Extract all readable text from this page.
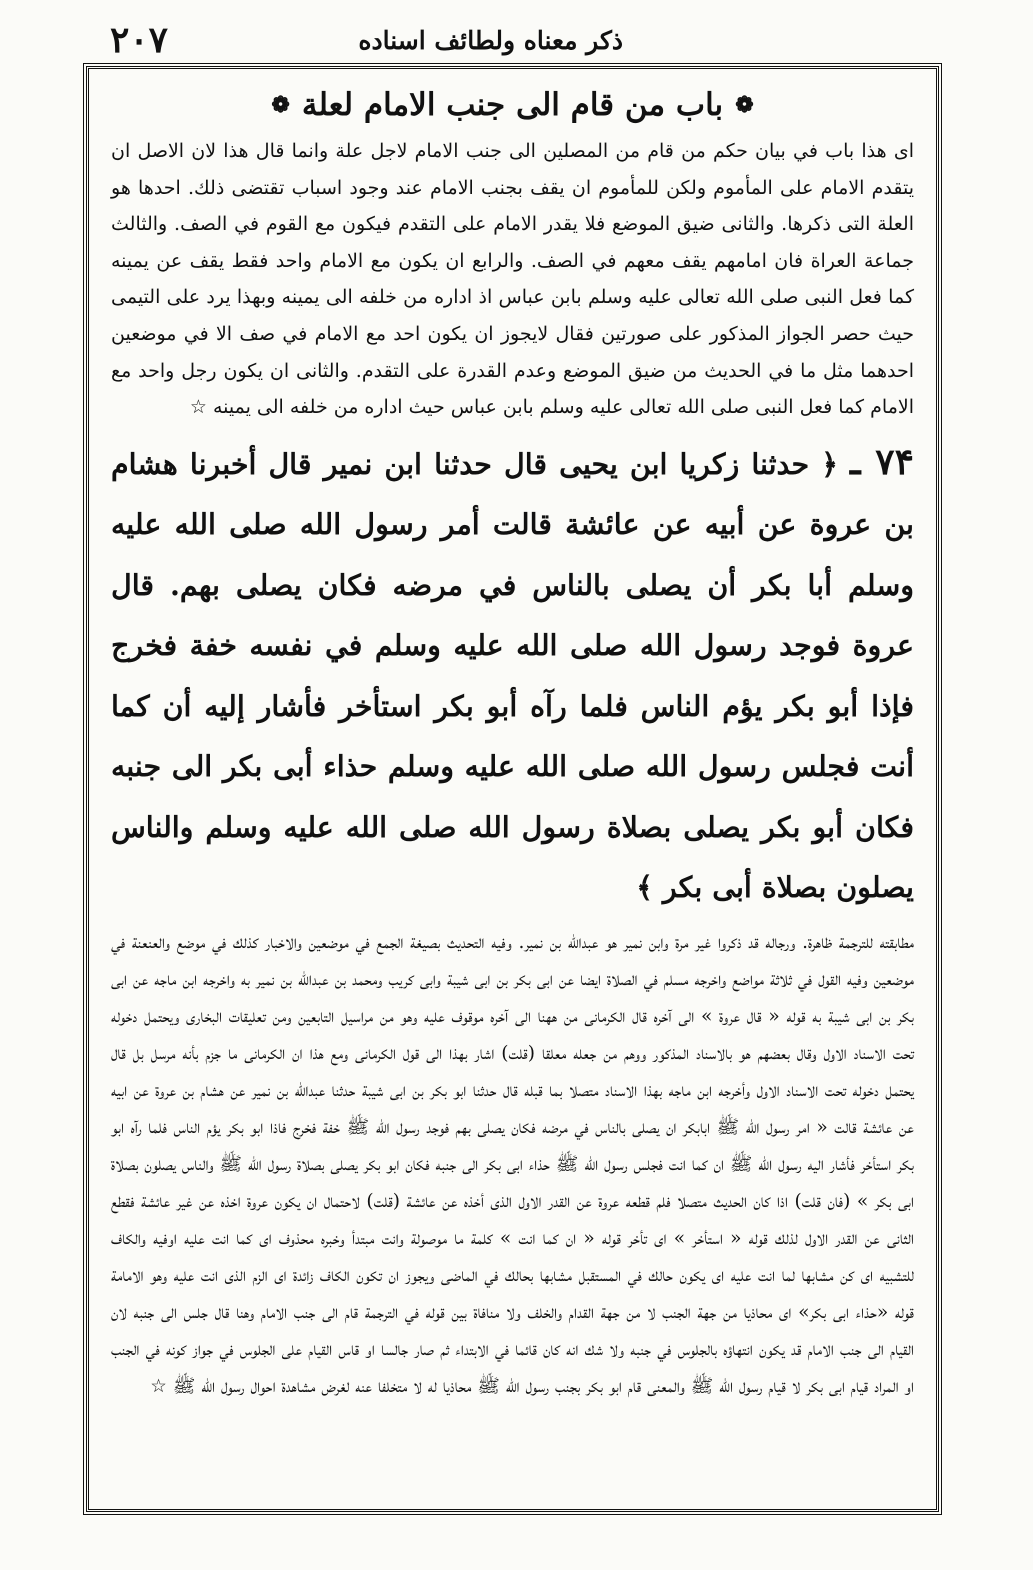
۲۰۷	ذكر معناه ولطائف اسناده
❁
باب من قام الى جنب الامام لعلة
❁

اى هذا باب في بيان حكم من قام من المصلين الى جنب الامام لاجل علة وانما قال هذا لان الاصل ان يتقدم الامام على المأموم ولكن للمأموم ان يقف بجنب الامام عند وجود اسباب تقتضى ذلك. احدها هو العلة التى ذكرها. والثانى ضيق الموضع فلا يقدر الامام على التقدم فيكون مع القوم في الصف. والثالث جماعة العراة فان امامهم يقف معهم في الصف. والرابع ان يكون مع الامام واحد فقط يقف عن يمينه كما فعل النبى صلى الله تعالى عليه وسلم بابن عباس اذ اداره من خلفه الى يمينه وبهذا يرد على التيمى حيث حصر الجواز المذكور على صورتين فقال لايجوز ان يكون احد مع الامام في صف الا في موضعين احدهما مثل ما في الحديث من ضيق الموضع وعدم القدرة على التقدم. والثانى ان يكون رجل واحد مع الامام كما فعل النبى صلى الله تعالى عليه وسلم بابن عباس حيث اداره من خلفه الى يمينه ☆

۷۴ ـ ﴿ حدثنا زكريا ابن يحيى قال حدثنا ابن نمير قال أخبرنا هشام بن عروة عن أبيه عن عائشة قالت أمر رسول الله صلى الله عليه وسلم أبا بكر أن يصلى بالناس في مرضه فكان يصلى بهم. قال عروة فوجد رسول الله صلى الله عليه وسلم في نفسه خفة فخرج فإذا أبو بكر يؤم الناس فلما رآه أبو بكر استأخر فأشار إليه أن كما أنت فجلس رسول الله صلى الله عليه وسلم حذاء أبى بكر الى جنبه فكان أبو بكر يصلى بصلاة رسول الله صلى الله عليه وسلم والناس يصلون بصلاة أبى بكر ﴾

مطابقته للترجمة ظاهرة. ورجاله قد ذكروا غير مرة وابن نمير هو عبدالله بن نمير. وفيه التحديث بصيغة الجمع في موضعين والاخبار كذلك في موضع والعنعنة في موضعين وفيه القول في ثلاثة مواضع واخرجه مسلم في الصلاة ايضا عن ابى بكر بن ابى شيبة وابى كريب ومحمد بن عبدالله بن نمير به واخرجه ابن ماجه عن ابى بكر بن ابى شيبة به قوله « قال عروة » الى آخره قال الكرمانى من ههنا الى آخره موقوف عليه وهو من مراسيل التابعين ومن تعليقات البخارى ويحتمل دخوله تحت الاسناد الاول وقال بعضهم هو بالاسناد المذكور ووهم من جعله معلقا (قلت) اشار بهذا الى قول الكرمانى ومع هذا ان الكرمانى ما جزم بأنه مرسل بل قال يحتمل دخوله تحت الاسناد الاول وأخرجه ابن ماجه بهذا الاسناد متصلا بما قبله قال حدثنا ابو بكر بن ابى شيبة حدثنا عبدالله بن نمير عن هشام بن عروة عن ابيه عن عائشة قالت « امر رسول الله ﷺ ابابكر ان يصلى بالناس في مرضه فكان يصلى بهم فوجد رسول الله ﷺ خفة فخرج فاذا ابو بكر يؤم الناس فلما رآه ابو بكر استأخر فأشار اليه رسول الله ﷺ ان كما انت فجلس رسول الله ﷺ حذاء ابى بكر الى جنبه فكان ابو بكر يصلى بصلاة رسول الله ﷺ والناس يصلون بصلاة ابى بكر » (فان قلت) اذا كان الحديث متصلا فلم قطعه عروة عن القدر الاول الذى أخذه عن عائشة (قلت) لاحتمال ان يكون عروة اخذه عن غير عائشة فقطع الثانى عن القدر الاول لذلك قوله « استأخر » اى تأخر قوله « ان كما انت » كلمة ما موصولة وانت مبتدأ وخبره محذوف اى كما انت عليه اوفيه والكاف للتشبيه اى كن مشابها لما انت عليه اى يكون حالك في المستقبل مشابها بحالك في الماضى ويجوز ان تكون الكاف زائدة اى الزم الذى انت عليه وهو الامامة قوله «حذاء ابى بكر» اى محاذيا من جهة الجنب لا من جهة القدام والخلف ولا منافاة بين قوله في الترجمة قام الى جنب الامام وهنا قال جلس الى جنبه لان القيام الى جنب الامام قد يكون انتهاؤه بالجلوس في جنبه ولا شك انه كان قائما في الابتداء ثم صار جالسا او قاس القيام على الجلوس في جواز كونه في الجنب او المراد قيام ابى بكر لا قيام رسول الله ﷺ والمعنى قام ابو بكر بجنب رسول الله ﷺ محاذيا له لا متخلفا عنه لغرض مشاهدة احوال رسول الله ﷺ ☆
